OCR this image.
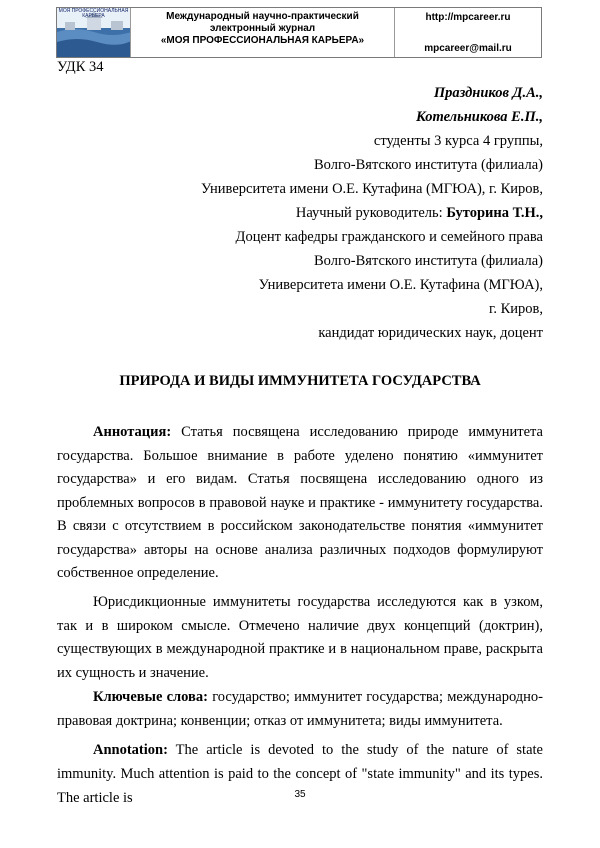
МОЯ ПРОФЕССИОНАЛЬНАЯ КАРЬЕРА	Международный научно-практический
электронный журнал
«МОЯ ПРОФЕССИОНАЛЬНАЯ КАРЬЕРА»
http://mpcareer.ru
mpcareer@mail.ru
УДК 34
Праздников Д.А.,
Котельникова Е.П.,
студенты 3 курса 4 группы,
Волго-Вятского института (филиала)
Университета имени О.Е. Кутафина (МГЮА), г. Киров,
Научный руководитель: Буторина Т.Н.,
Доцент кафедры гражданского и семейного права
Волго-Вятского института (филиала)
Университета имени О.Е. Кутафина (МГЮА),
г. Киров,
кандидат юридических наук, доцент
ПРИРОДА И ВИДЫ ИММУНИТЕТА ГОСУДАРСТВА
Аннотация: Статья посвящена исследованию природе иммунитета государства. Большое внимание в работе уделено понятию «иммунитет государства» и его видам. Статья посвящена исследованию одного из проблемных вопросов в правовой науке и практике - иммунитету государства. В связи с отсутствием в российском законодательстве понятия «иммунитет государства» авторы на основе анализа различных подходов формулируют собственное определение.
Юрисдикционные иммунитеты государства исследуются как в узком, так и в широком смысле. Отмечено наличие двух концепций (доктрин), существующих в международной практике и в национальном праве, раскрыта их сущность и значение.
Ключевые слова: государство; иммунитет государства; международно-правовая доктрина; конвенции; отказ от иммунитета; виды иммунитета.
Annotation: The article is devoted to the study of the nature of state immunity. Much attention is paid to the concept of "state immunity" and its types. The article is	35
